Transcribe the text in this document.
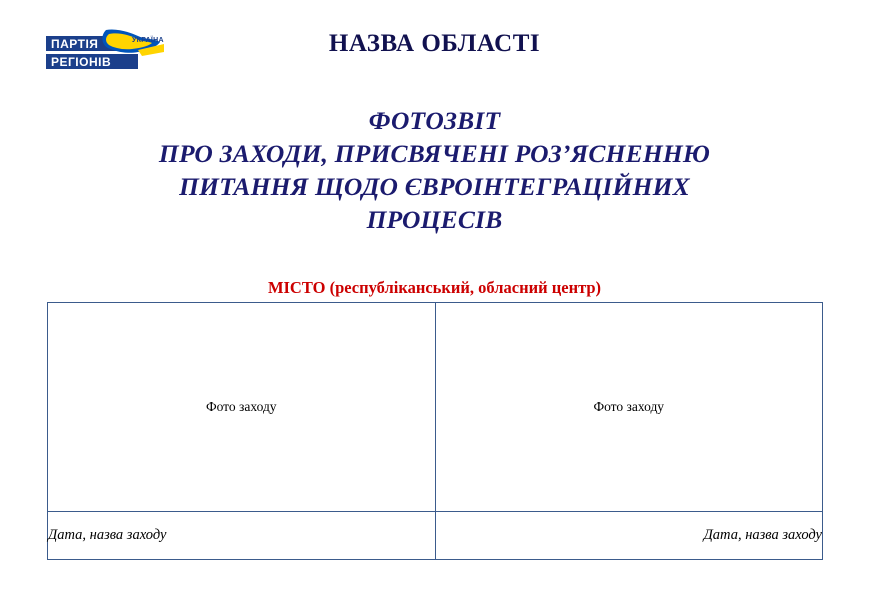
ПАРТІЯ
РЕГІОНІВ
УКРАЇНА	НАЗВА ОБЛАСТІ
ФОТОЗВІТ
ПРО ЗАХОДИ, ПРИСВЯЧЕНІ РОЗ’ЯСНЕННЮ
ПИТАННЯ ЩОДО ЄВРОІНТЕГРАЦІЙНИХ
ПРОЦЕСІВ
МІСТО (республіканський, обласний центр)
Фото заходу	Фото заходу
Дата, назва заходу	Дата, назва заходу
